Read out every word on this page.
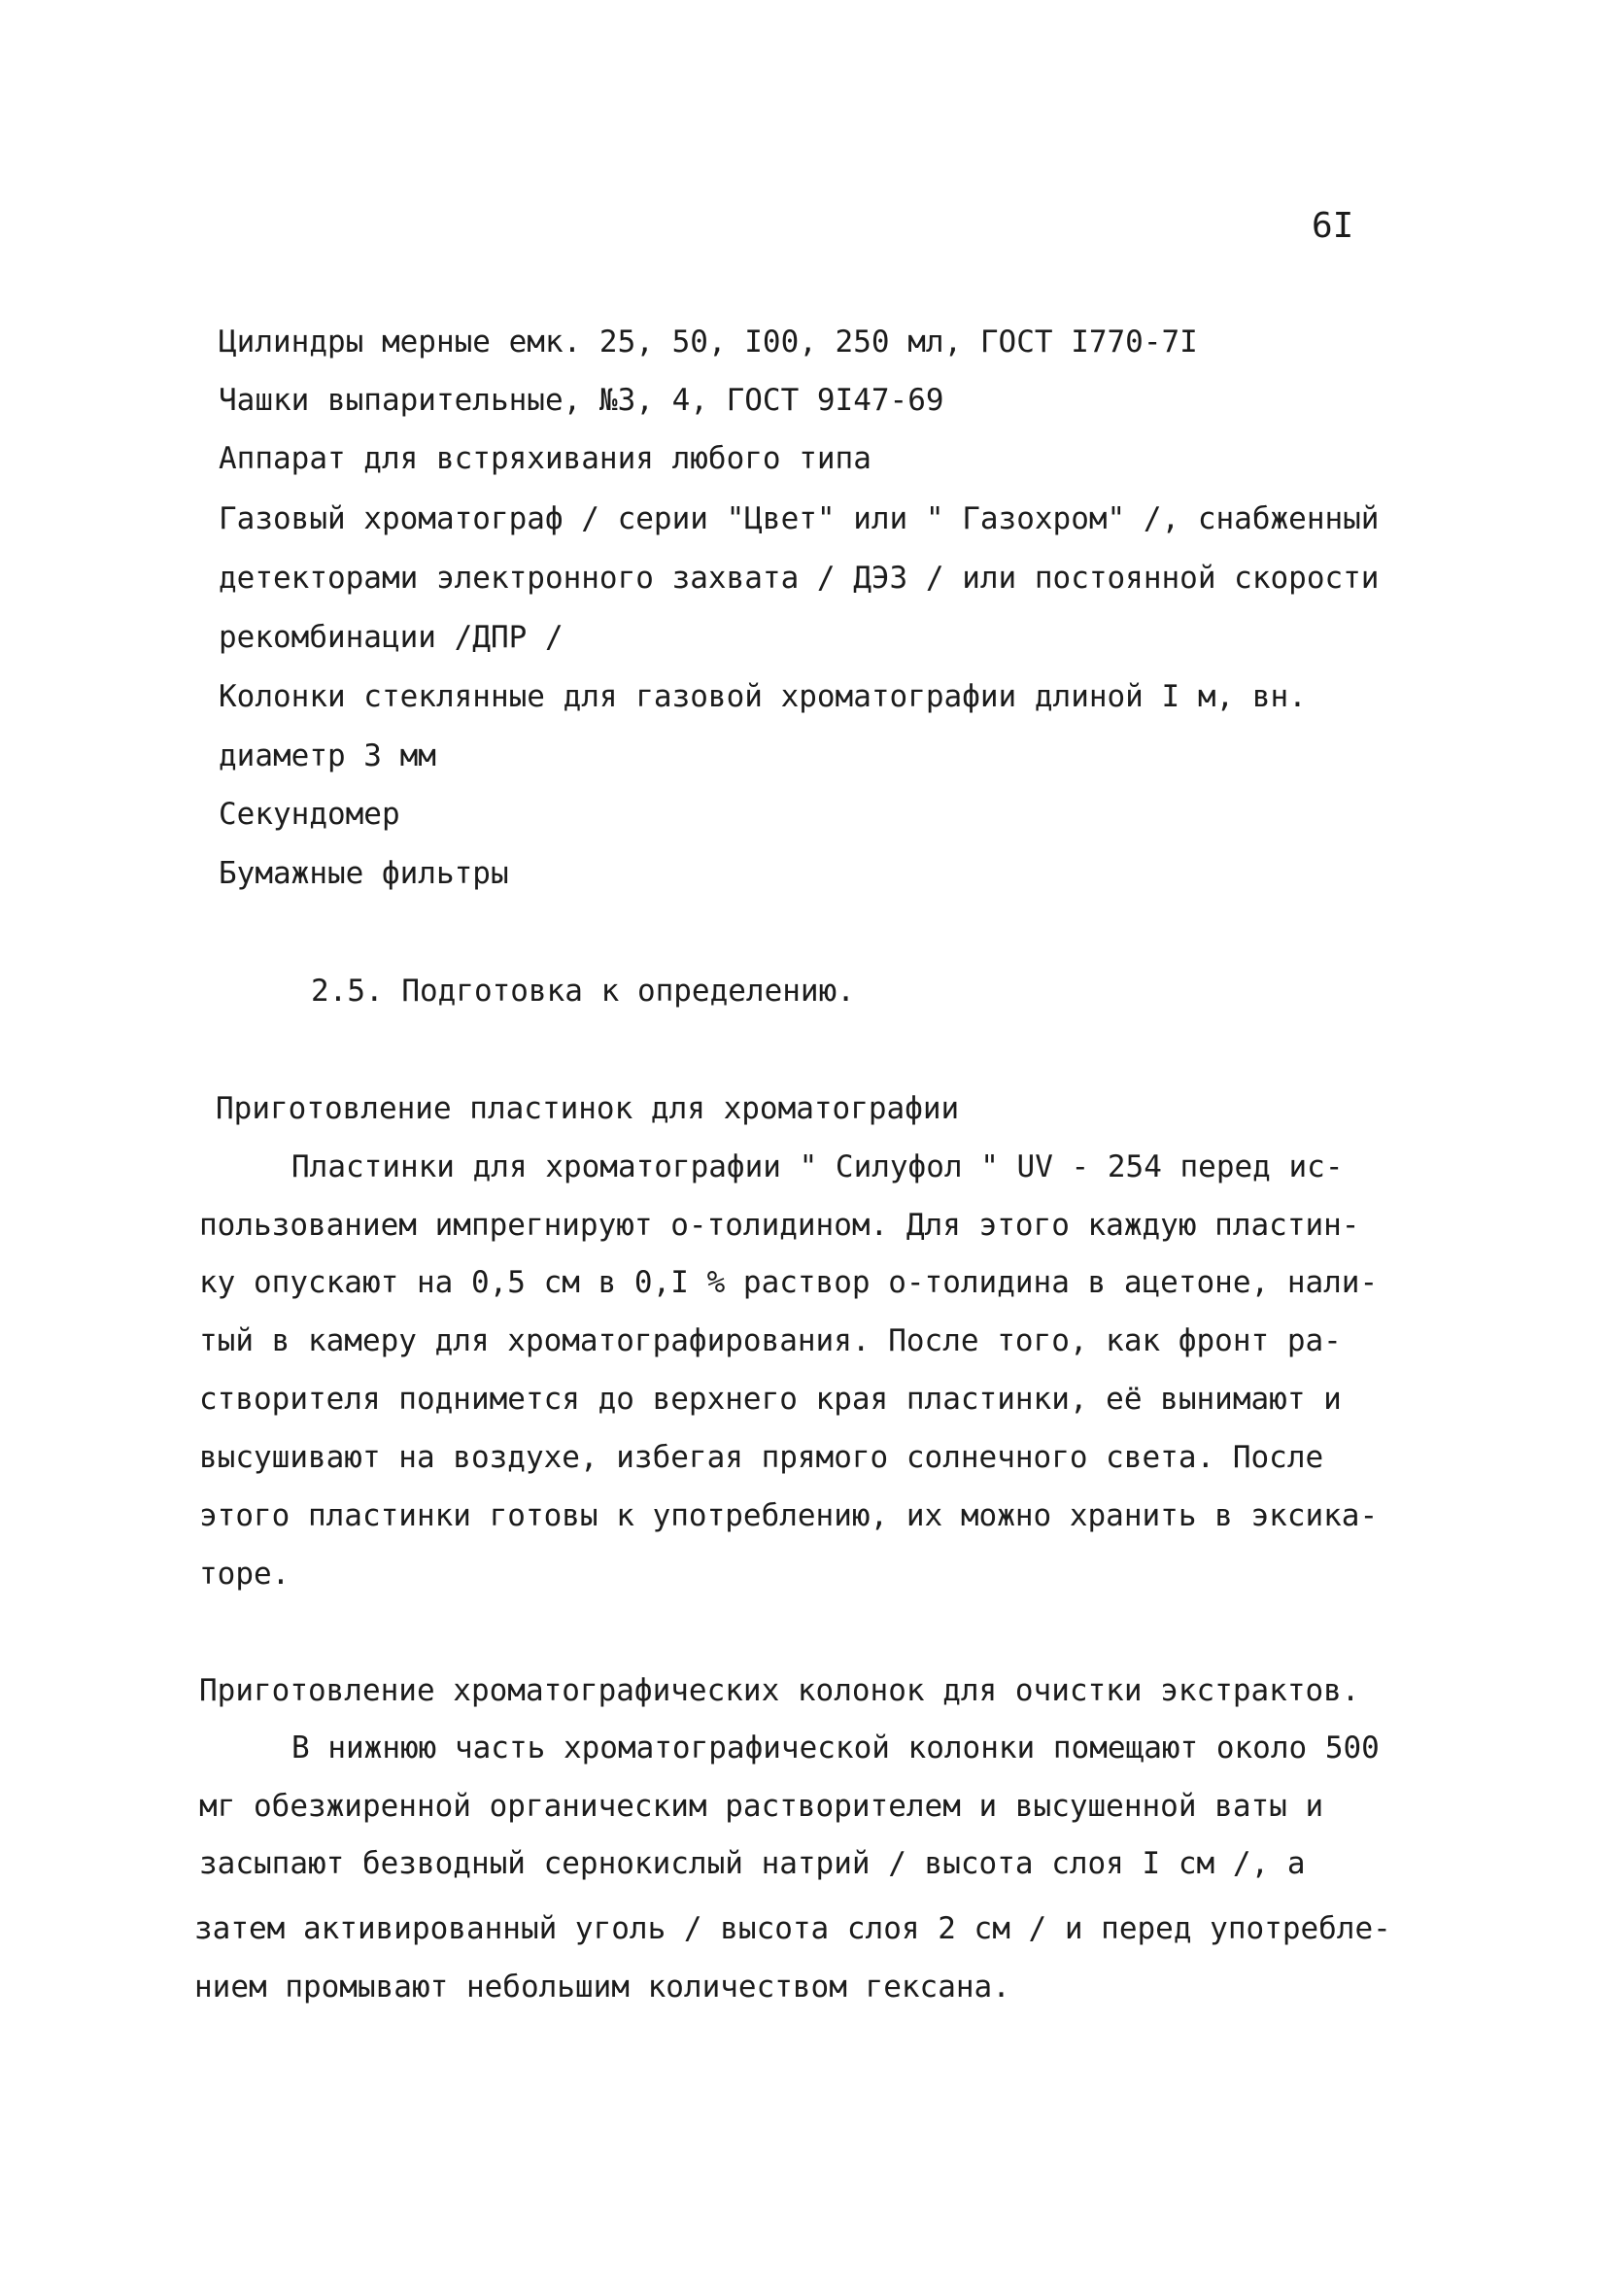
6I
Цилиндры мерные емк. 25, 50, I00, 250 мл, ГОСТ I770-7I
Чашки выпарительные, №3, 4, ГОСТ 9I47-69
Аппарат для встряхивания любого типа
Газовый хроматограф / серии "Цвет" или " Газохром" /, снабженный
детекторами электронного захвата / ДЭЗ / или постоянной скорости
рекомбинации /ДПР /
Колонки стеклянные для газовой хроматографии длиной I м, вн.
диаметр 3 мм
Секундомер
Бумажные фильтры
2.5. Подготовка к определению.
Приготовление пластинок для хроматографии
Пластинки для хроматографии " Силуфол " UV - 254 перед ис-
пользованием импрегнируют о-толидином. Для этого каждую пластин-
ку опускают на 0,5 см в 0,I % раствор о-толидина в ацетоне, нали-
тый в камеру для хроматографирования. После того, как фронт ра-
створителя поднимется до верхнего края пластинки, её вынимают и
высушивают на воздухе, избегая прямого солнечного света. После
этого пластинки готовы к употреблению, их можно хранить в эксика-
торе.
Приготовление хроматографических колонок для очистки экстрактов.
В нижнюю часть хроматографической колонки помещают около 500
мг обезжиренной органическим растворителем и высушенной ваты и
засыпают безводный сернокислый натрий / высота слоя I см /, а
затем активированный уголь / высота слоя 2 см / и перед употребле-
нием промывают небольшим количеством гексана.
